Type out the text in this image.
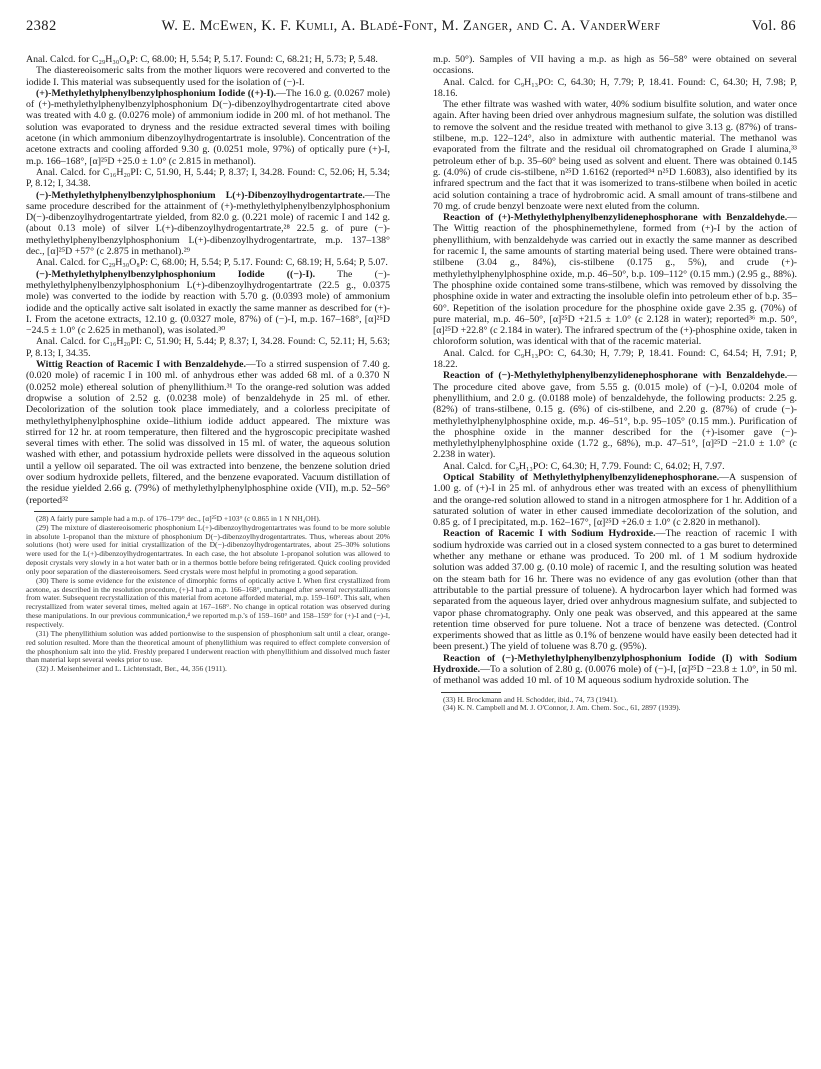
2382	W. E. McEwen, K. F. Kumli, A. Bladé-Font, M. Zanger, and C. A. VanderWerf	Vol. 86

Anal. Calcd. for C₂₉H₃₀O₈P: C, 68.00; H, 5.54; P, 5.17. Found: C, 68.21; H, 5.73; P, 5.48.

The diastereoisomeric salts from the mother liquors were recovered and converted to the iodide I. This material was subsequently used for the isolation of (−)-I.

(+)-Methylethylphenylbenzylphosphonium Iodide ((+)-I).—The 16.0 g. (0.0267 mole) of (+)-methylethylphenylbenzylphosphonium D(−)-dibenzoylhydrogentartrate cited above was treated with 4.0 g. (0.0276 mole) of ammonium iodide in 200 ml. of hot methanol. The solution was evaporated to dryness and the residue extracted several times with boiling acetone (in which ammonium dibenzoylhydrogentartrate is insoluble). Concentration of the acetone extracts and cooling afforded 9.30 g. (0.0251 mole, 97%) of optically pure (+)-I, m.p. 166–168°, [α]²⁵D +25.0 ± 1.0° (c 2.815 in methanol).

Anal. Calcd. for C₁₆H₂₀PI: C, 51.90, H, 5.44; P, 8.37; I, 34.28. Found: C, 52.06; H, 5.34; P, 8.12; I, 34.38.

(−)-Methylethylphenylbenzylphosphonium L(+)-Dibenzoylhydrogentartrate.—The same procedure described for the attainment of (+)-methylethylphenylbenzylphosphonium D(−)-dibenzoylhydrogentartrate yielded, from 82.0 g. (0.221 mole) of racemic I and 142 g. (about 0.13 mole) of silver L(+)-dibenzoylhydrogentartrate,²⁸ 22.5 g. of pure (−)-methylethylphenylbenzylphosphonium L(+)-dibenzoylhydrogentartrate, m.p. 137–138° dec., [α]²⁵D +57° (c 2.875 in methanol).²⁹

Anal. Calcd. for C₂₉H₃₀O₈P: C, 68.00; H, 5.54; P, 5.17. Found: C, 68.19; H, 5.64; P, 5.07.

(−)-Methylethylphenylbenzylphosphonium Iodide ((−)-I). The (−)-methylethylphenylbenzylphosphonium L(+)-dibenzoylhydrogentartrate (22.5 g., 0.0375 mole) was converted to the iodide by reaction with 5.70 g. (0.0393 mole) of ammonium iodide and the optically active salt isolated in exactly the same manner as described for (+)-I. From the acetone extracts, 12.10 g. (0.0327 mole, 87%) of (−)-I, m.p. 167–168°, [α]²⁵D −24.5 ± 1.0° (c 2.625 in methanol), was isolated.³⁰

Anal. Calcd. for C₁₆H₂₀PI: C, 51.90; H, 5.44; P, 8.37; I, 34.28. Found: C, 52.11; H, 5.63; P, 8.13; I, 34.35.

Wittig Reaction of Racemic I with Benzaldehyde.—To a stirred suspension of 7.40 g. (0.020 mole) of racemic I in 100 ml. of anhydrous ether was added 68 ml. of a 0.370 N (0.0252 mole) ethereal solution of phenyllithium.³¹ To the orange-red solution was added dropwise a solution of 2.52 g. (0.0238 mole) of benzaldehyde in 25 ml. of ether. Decolorization of the solution took place immediately, and a colorless precipitate of methylethylphenylphosphine oxide–lithium iodide adduct appeared. The mixture was stirred for 12 hr. at room temperature, then filtered and the hygroscopic precipitate washed several times with ether. The solid was dissolved in 15 ml. of water, the aqueous solution washed with ether, and potassium hydroxide pellets were dissolved in the aqueous solution until a yellow oil separated. The oil was extracted into benzene, the benzene solution dried over sodium hydroxide pellets, filtered, and the benzene evaporated. Vacuum distillation of the residue yielded 2.66 g. (79%) of methylethylphenylphosphine oxide (VII), m.p. 52–56° (reported³²

(28) A fairly pure sample had a m.p. of 176–179° dec., [α]²⁵D +103° (c 0.865 in 1 N NH₄OH).

(29) The mixture of diastereoisomeric phosphonium L(+)-dibenzoylhydrogentartrates was found to be more soluble in absolute 1-propanol than the mixture of phosphonium D(−)-dibenzoylhydrogentartrates. Thus, whereas about 20% solutions (hot) were used for initial crystallization of the D(−)-dibenzoylhydrogentartrates, about 25–30% solutions were used for the L(+)-dibenzoylhydrogentartrates. In each case, the hot absolute 1-propanol solution was allowed to deposit crystals very slowly in a hot water bath or in a thermos bottle before being refrigerated. Quick cooling provided only poor separation of the diastereoisomers. Seed crystals were most helpful in promoting a good separation.

(30) There is some evidence for the existence of dimorphic forms of optically active I. When first crystallized from acetone, as described in the resolution procedure, (+)-I had a m.p. 166–168°, unchanged after several recrystallizations from water. Subsequent recrystallization of this material from acetone afforded material, m.p. 159–160°. This salt, when recrystallized from water several times, melted again at 167–168°. No change in optical rotation was observed during these manipulations. In our previous communication,⁴ we reported m.p.'s of 159–160° and 158–159° for (+)-I and (−)-I, respectively.

(31) The phenyllithium solution was added portionwise to the suspension of phosphonium salt until a clear, orange-red solution resulted. More than the theoretical amount of phenyllithium was required to effect complete conversion of the phosphonium salt into the ylid. Freshly prepared I underwent reaction with phenyllithium and dissolved much faster than material kept several weeks prior to use.

(32) J. Meisenheimer and L. Lichtenstadt, Ber., 44, 356 (1911).

m.p. 50°). Samples of VII having a m.p. as high as 56–58° were obtained on several occasions.

Anal. Calcd. for C₉H₁₃PO: C, 64.30; H, 7.79; P, 18.41. Found: C, 64.30; H, 7.98; P, 18.16.

The ether filtrate was washed with water, 40% sodium bisulfite solution, and water once again. After having been dried over anhydrous magnesium sulfate, the solution was distilled to remove the solvent and the residue treated with methanol to give 3.13 g. (87%) of trans-stilbene, m.p. 122–124°, also in admixture with authentic material. The methanol was evaporated from the filtrate and the residual oil chromatographed on Grade I alumina,³³ petroleum ether of b.p. 35–60° being used as solvent and eluent. There was obtained 0.145 g. (4.0%) of crude cis-stilbene, n²⁵D 1.6162 (reported³⁴ n²⁵D 1.6083), also identified by its infrared spectrum and the fact that it was isomerized to trans-stilbene when boiled in acetic acid solution containing a trace of hydrobromic acid. A small amount of trans-stilbene and 70 mg. of crude benzyl benzoate were next eluted from the column.

Reaction of (+)-Methylethylphenylbenzylidenephosphorane with Benzaldehyde.—The Wittig reaction of the phosphinemethylene, formed from (+)-I by the action of phenyllithium, with benzaldehyde was carried out in exactly the same manner as described for racemic I, the same amounts of starting material being used. There were obtained trans-stilbene (3.04 g., 84%), cis-stilbene (0.175 g., 5%), and crude (+)-methylethylphenylphosphine oxide, m.p. 46–50°, b.p. 109–112° (0.15 mm.) (2.95 g., 88%). The phosphine oxide contained some trans-stilbene, which was removed by dissolving the phosphine oxide in water and extracting the insoluble olefin into petroleum ether of b.p. 35–60°. Repetition of the isolation procedure for the phosphine oxide gave 2.35 g. (70%) of pure material, m.p. 46–50°, [α]²⁵D +21.5 ± 1.0° (c 2.128 in water); reported³⁶ m.p. 50°, [α]²⁵D +22.8° (c 2.184 in water). The infrared spectrum of the (+)-phosphine oxide, taken in chloroform solution, was identical with that of the racemic material.

Anal. Calcd. for C₉H₁₃PO: C, 64.30; H, 7.79; P, 18.41. Found: C, 64.54; H, 7.91; P, 18.22.

Reaction of (−)-Methylethylphenylbenzylidenephosphorane with Benzaldehyde.—The procedure cited above gave, from 5.55 g. (0.015 mole) of (−)-I, 0.0204 mole of phenyllithium, and 2.0 g. (0.0188 mole) of benzaldehyde, the following products: 2.25 g. (82%) of trans-stilbene, 0.15 g. (6%) of cis-stilbene, and 2.20 g. (87%) of crude (−)-methylethylphenylphosphine oxide, m.p. 46–51°, b.p. 95–105° (0.15 mm.). Purification of the phosphine oxide in the manner described for the (+)-isomer gave (−)-methylethylphenylphosphine oxide (1.72 g., 68%), m.p. 47–51°, [α]²⁵D −21.0 ± 1.0° (c 2.238 in water).

Anal. Calcd. for C₉H₁₃PO: C, 64.30; H, 7.79. Found: C, 64.02; H, 7.97.

Optical Stability of Methylethylphenylbenzylidenephosphorane.—A suspension of 1.00 g. of (+)-I in 25 ml. of anhydrous ether was treated with an excess of phenyllithium and the orange-red solution allowed to stand in a nitrogen atmosphere for 1 hr. Addition of a saturated solution of water in ether caused immediate decolorization of the solution, and 0.85 g. of I precipitated, m.p. 162–167°, [α]²⁵D +26.0 ± 1.0° (c 2.820 in methanol).

Reaction of Racemic I with Sodium Hydroxide.—The reaction of racemic I with sodium hydroxide was carried out in a closed system connected to a gas buret to determined whether any methane or ethane was produced. To 200 ml. of 1 M sodium hydroxide solution was added 37.00 g. (0.10 mole) of racemic I, and the resulting solution was heated on the steam bath for 16 hr. There was no evidence of any gas evolution (other than that attributable to the partial pressure of toluene). A hydrocarbon layer which had formed was separated from the aqueous layer, dried over anhydrous magnesium sulfate, and subjected to vapor phase chromatography. Only one peak was observed, and this appeared at the same retention time observed for pure toluene. Not a trace of benzene was detected. (Control experiments showed that as little as 0.1% of benzene would have easily been detected had it been present.) The yield of toluene was 8.70 g. (95%).

Reaction of (−)-Methylethylphenylbenzylphosphonium Iodide (I) with Sodium Hydroxide.—To a solution of 2.80 g. (0.0076 mole) of (−)-I, [α]²⁵D −23.8 ± 1.0°, in 50 ml. of methanol was added 10 ml. of 10 M aqueous sodium hydroxide solution. The

(33) H. Brockmann and H. Schodder, ibid., 74, 73 (1941).

(34) K. N. Campbell and M. J. O'Connor, J. Am. Chem. Soc., 61, 2897 (1939).
